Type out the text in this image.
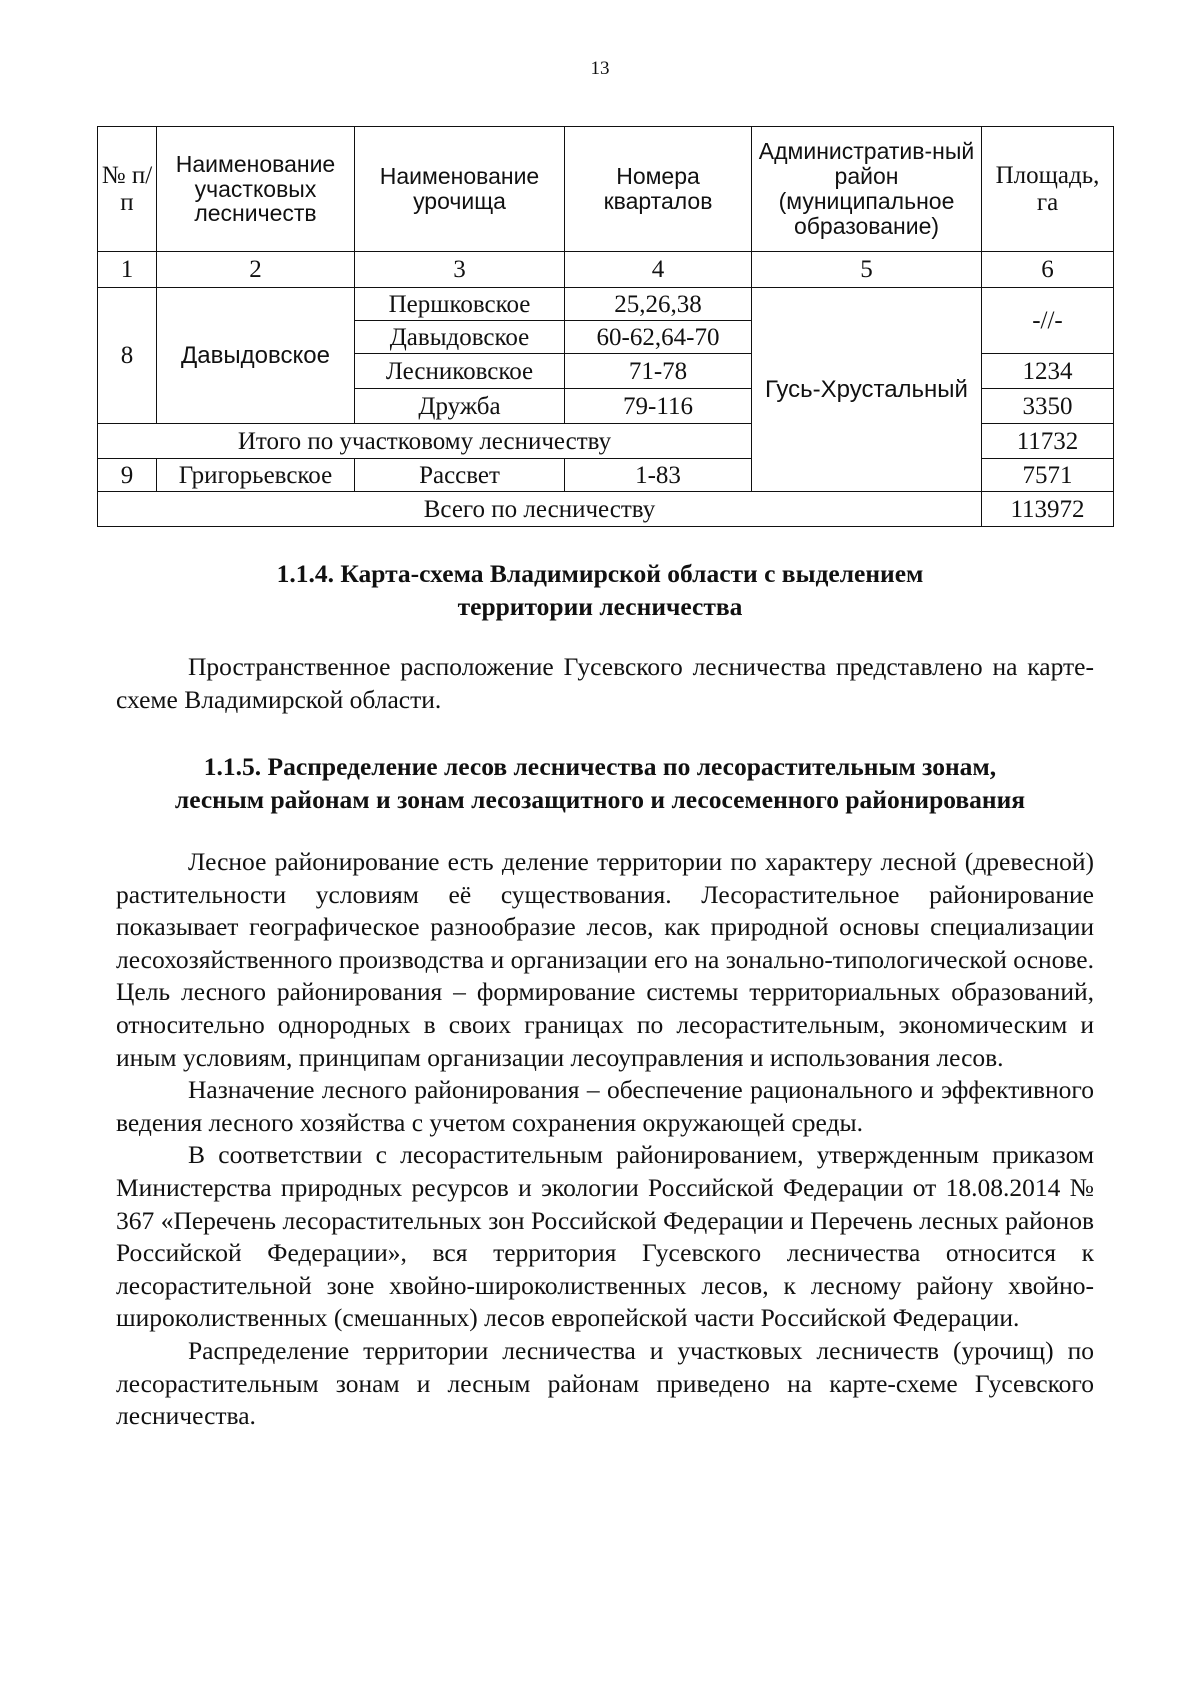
13
№ п/п	Наименование участковых лесничеств	Наименование урочища	Номера кварталов	Административ-ный район (муниципальное образование)	Площадь, га
1	2	3	4	5	6
8	Давыдовское	Першковское	25,26,38	Гусь-Хрустальный	-//-
		Давыдовское	60-62,64-70		
		Лесниковское	71-78		1234
		Дружба	79-116		3350
Итого по участковому лесничеству					11732
9	Григорьевское	Рассвет	1-83		7571
Всего по лесничеству					113972
1.1.4. Карта-схема Владимирской области с выделением
территории лесничества

Пространственное расположение Гусевского лесничества представлено на карте-схеме Владимирской области.

1.1.5. Распределение лесов лесничества по лесорастительным зонам,
лесным районам и зонам лесозащитного и лесосеменного районирования

Лесное районирование есть деление территории по характеру лесной (древесной) растительности условиям её существования. Лесорастительное районирование показывает географическое разнообразие лесов, как природной основы специализации лесохозяйственного производства и организации его на зонально-типологической основе. Цель лесного районирования – формирование системы территориальных образований, относительно однородных в своих границах по лесорастительным, экономическим и иным условиям, принципам организации лесоуправления и использования лесов.

Назначение лесного районирования – обеспечение рационального и эффективного ведения лесного хозяйства с учетом сохранения окружающей среды.

В соответствии с лесорастительным районированием, утвержденным приказом Министерства природных ресурсов и экологии Российской Федерации от 18.08.2014 № 367 «Перечень лесорастительных зон Российской Федерации и Перечень лесных районов Российской Федерации», вся территория Гусевского лесничества относится к лесорастительной зоне хвойно-широколиственных лесов, к лесному району хвойно-широколиственных (смешанных) лесов европейской части Российской Федерации.

Распределение территории лесничества и участковых лесничеств (урочищ) по лесорастительным зонам и лесным районам приведено на карте-схеме Гусевского лесничества.
